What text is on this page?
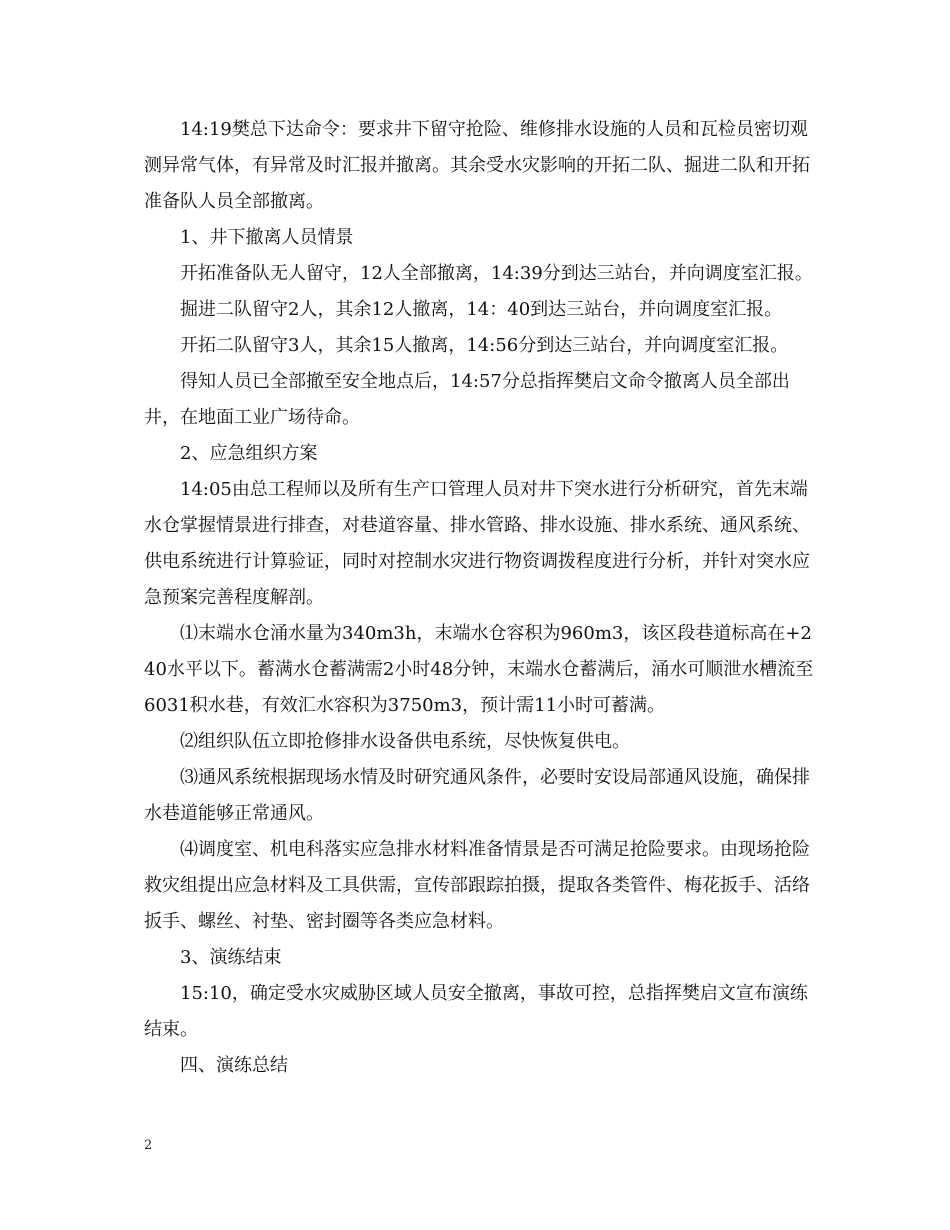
14:19樊总下达命令：要求井下留守抢险、维修排水设施的人员和瓦检员密切观测异常气体，有异常及时汇报并撤离。其余受水灾影响的开拓二队、掘进二队和开拓准备队人员全部撤离。

1、井下撤离人员情景

开拓准备队无人留守，12人全部撤离，14:39分到达三站台，并向调度室汇报。

掘进二队留守2人，其余12人撤离，14：40到达三站台，并向调度室汇报。

开拓二队留守3人，其余15人撤离，14:56分到达三站台，并向调度室汇报。

得知人员已全部撤至安全地点后，14:57分总指挥樊启文命令撤离人员全部出井，在地面工业广场待命。

2、应急组织方案

14:05由总工程师以及所有生产口管理人员对井下突水进行分析研究，首先末端水仓掌握情景进行排查，对巷道容量、排水管路、排水设施、排水系统、通风系统、供电系统进行计算验证，同时对控制水灾进行物资调拨程度进行分析，并针对突水应急预案完善程度解剖。

⑴末端水仓涌水量为340m3h，末端水仓容积为960m3，该区段巷道标高在+240水平以下。蓄满水仓蓄满需2小时48分钟，末端水仓蓄满后，涌水可顺泄水槽流至6031积水巷，有效汇水容积为3750m3，预计需11小时可蓄满。

⑵组织队伍立即抢修排水设备供电系统，尽快恢复供电。

⑶通风系统根据现场水情及时研究通风条件，必要时安设局部通风设施，确保排水巷道能够正常通风。

⑷调度室、机电科落实应急排水材料准备情景是否可满足抢险要求。由现场抢险救灾组提出应急材料及工具供需，宣传部跟踪拍摄，提取各类管件、梅花扳手、活络扳手、螺丝、衬垫、密封圈等各类应急材料。

3、演练结束

15:10，确定受水灾威胁区域人员安全撤离，事故可控，总指挥樊启文宣布演练结束。

四、演练总结

2
